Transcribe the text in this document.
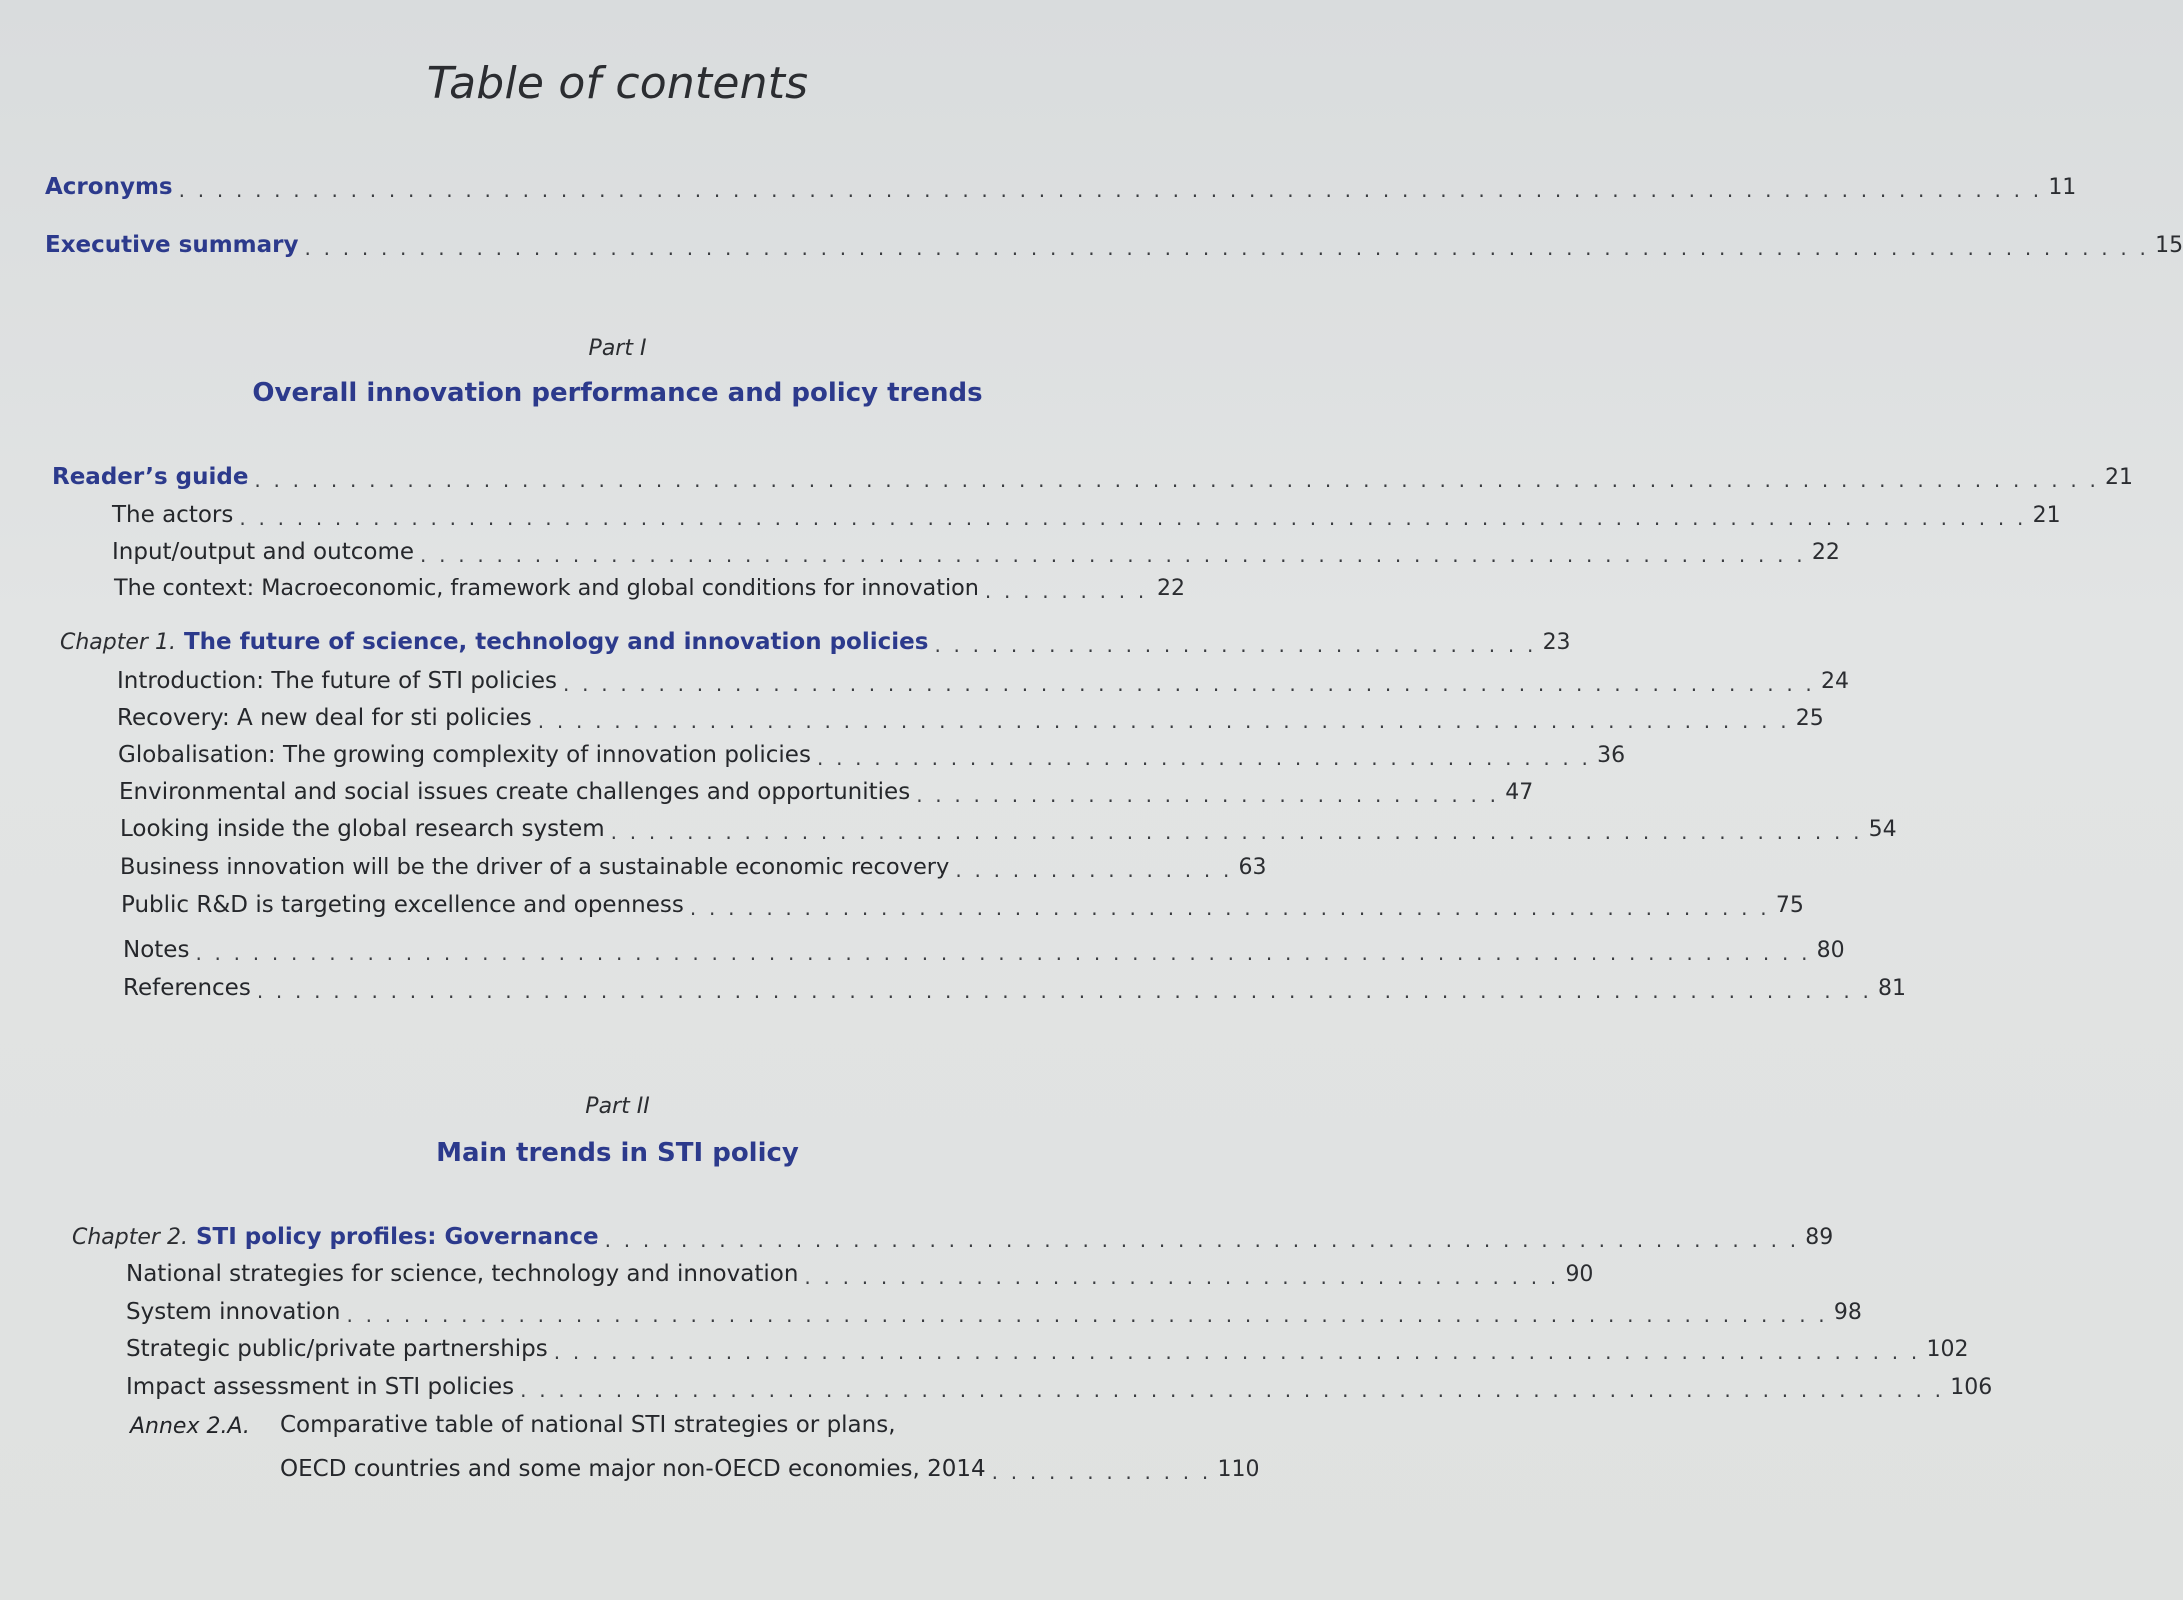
Table of contents
Acronyms . . . . . . . . . . . . . . . . . . . . . . . . . . . . . . . . . . . . . . . . . . . . . . . . . . . . . . . . . . . . . . . . . . . . . . . . . . . . . . . . . . . . . . . . . . . . . . . . . . 11
Executive summary . . . . . . . . . . . . . . . . . . . . . . . . . . . . . . . . . . . . . . . . . . . . . . . . . . . . . . . . . . . . . . . . . . . . . . . . . . . . . . . . . . . . . . . . . . . . . . . . . 15
Part I
Overall innovation performance and policy trends
Reader’s guide . . . . . . . . . . . . . . . . . . . . . . . . . . . . . . . . . . . . . . . . . . . . . . . . . . . . . . . . . . . . . . . . . . . . . . . . . . . . . . . . . . . . . . . . . . . . . . . . . 21
The actors . . . . . . . . . . . . . . . . . . . . . . . . . . . . . . . . . . . . . . . . . . . . . . . . . . . . . . . . . . . . . . . . . . . . . . . . . . . . . . . . . . . . . . . . . . . . . . 21
Input/output and outcome . . . . . . . . . . . . . . . . . . . . . . . . . . . . . . . . . . . . . . . . . . . . . . . . . . . . . . . . . . . . . . . . . . . . . . . . . 22
The context: Macroeconomic, framework and global conditions for innovation . . . . . . . . . 22
Chapter 1. The future of science, technology and innovation policies . . . . . . . . . . . . . . . . . . . . . . . . . . . . . . . . 23
Introduction: The future of STI policies . . . . . . . . . . . . . . . . . . . . . . . . . . . . . . . . . . . . . . . . . . . . . . . . . . . . . . . . . . . . . . . . . . 24
Recovery: A new deal for sti policies . . . . . . . . . . . . . . . . . . . . . . . . . . . . . . . . . . . . . . . . . . . . . . . . . . . . . . . . . . . . . . . . . . 25
Globalisation: The growing complexity of innovation policies . . . . . . . . . . . . . . . . . . . . . . . . . . . . . . . . . . . . . . . . . 36
Environmental and social issues create challenges and opportunities . . . . . . . . . . . . . . . . . . . . . . . . . . . . . . . 47
Looking inside the global research system . . . . . . . . . . . . . . . . . . . . . . . . . . . . . . . . . . . . . . . . . . . . . . . . . . . . . . . . . . . . . . . . . . 54
Business innovation will be the driver of a sustainable economic recovery . . . . . . . . . . . . . . . 63
Public R&D is targeting excellence and openness . . . . . . . . . . . . . . . . . . . . . . . . . . . . . . . . . . . . . . . . . . . . . . . . . . . . . . . . . 75
Notes . . . . . . . . . . . . . . . . . . . . . . . . . . . . . . . . . . . . . . . . . . . . . . . . . . . . . . . . . . . . . . . . . . . . . . . . . . . . . . . . . . . . . 80
References . . . . . . . . . . . . . . . . . . . . . . . . . . . . . . . . . . . . . . . . . . . . . . . . . . . . . . . . . . . . . . . . . . . . . . . . . . . . . . . . . . . . . 81
Part II
Main trends in STI policy
Chapter 2. STI policy profiles: Governance . . . . . . . . . . . . . . . . . . . . . . . . . . . . . . . . . . . . . . . . . . . . . . . . . . . . . . . . . . . . . . . 89
National strategies for science, technology and innovation . . . . . . . . . . . . . . . . . . . . . . . . . . . . . . . . . . . . . . . . 90
System innovation . . . . . . . . . . . . . . . . . . . . . . . . . . . . . . . . . . . . . . . . . . . . . . . . . . . . . . . . . . . . . . . . . . . . . . . . . . . . . . 98
Strategic public/private partnerships . . . . . . . . . . . . . . . . . . . . . . . . . . . . . . . . . . . . . . . . . . . . . . . . . . . . . . . . . . . . . . . . . . . . . . . . 102
Impact assessment in STI policies . . . . . . . . . . . . . . . . . . . . . . . . . . . . . . . . . . . . . . . . . . . . . . . . . . . . . . . . . . . . . . . . . . . . . . . . . . . 106
Annex 2.A. Comparative table of national STI strategies or plans,
OECD countries and some major non-OECD economies, 2014 . . . . . . . . . . . . 110
